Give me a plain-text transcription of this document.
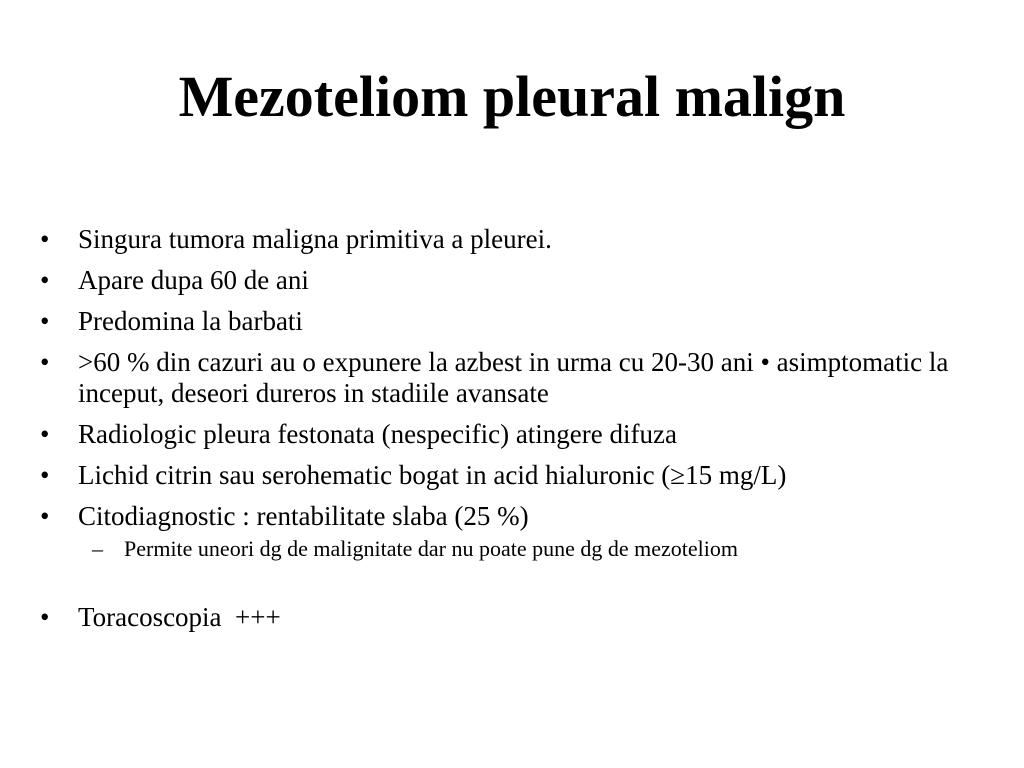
Mezoteliom pleural malign
•	Singura tumora maligna primitiva a pleurei.
•	Apare dupa 60 de ani
•	Predomina la barbati
•	>60 % din cazuri au o expunere la azbest in urma cu 20-30 ani • asimptomatic la inceput, deseori dureros in stadiile avansate
•	Radiologic pleura festonata (nespecific) atingere difuza
•	Lichid citrin sau serohematic bogat in acid hialuronic (≥15 mg/L)
•	Citodiagnostic : rentabilitate slaba (25 %)
– Permite uneori dg de malignitate dar nu poate pune dg de mezoteliom
•	Toracoscopia  +++
